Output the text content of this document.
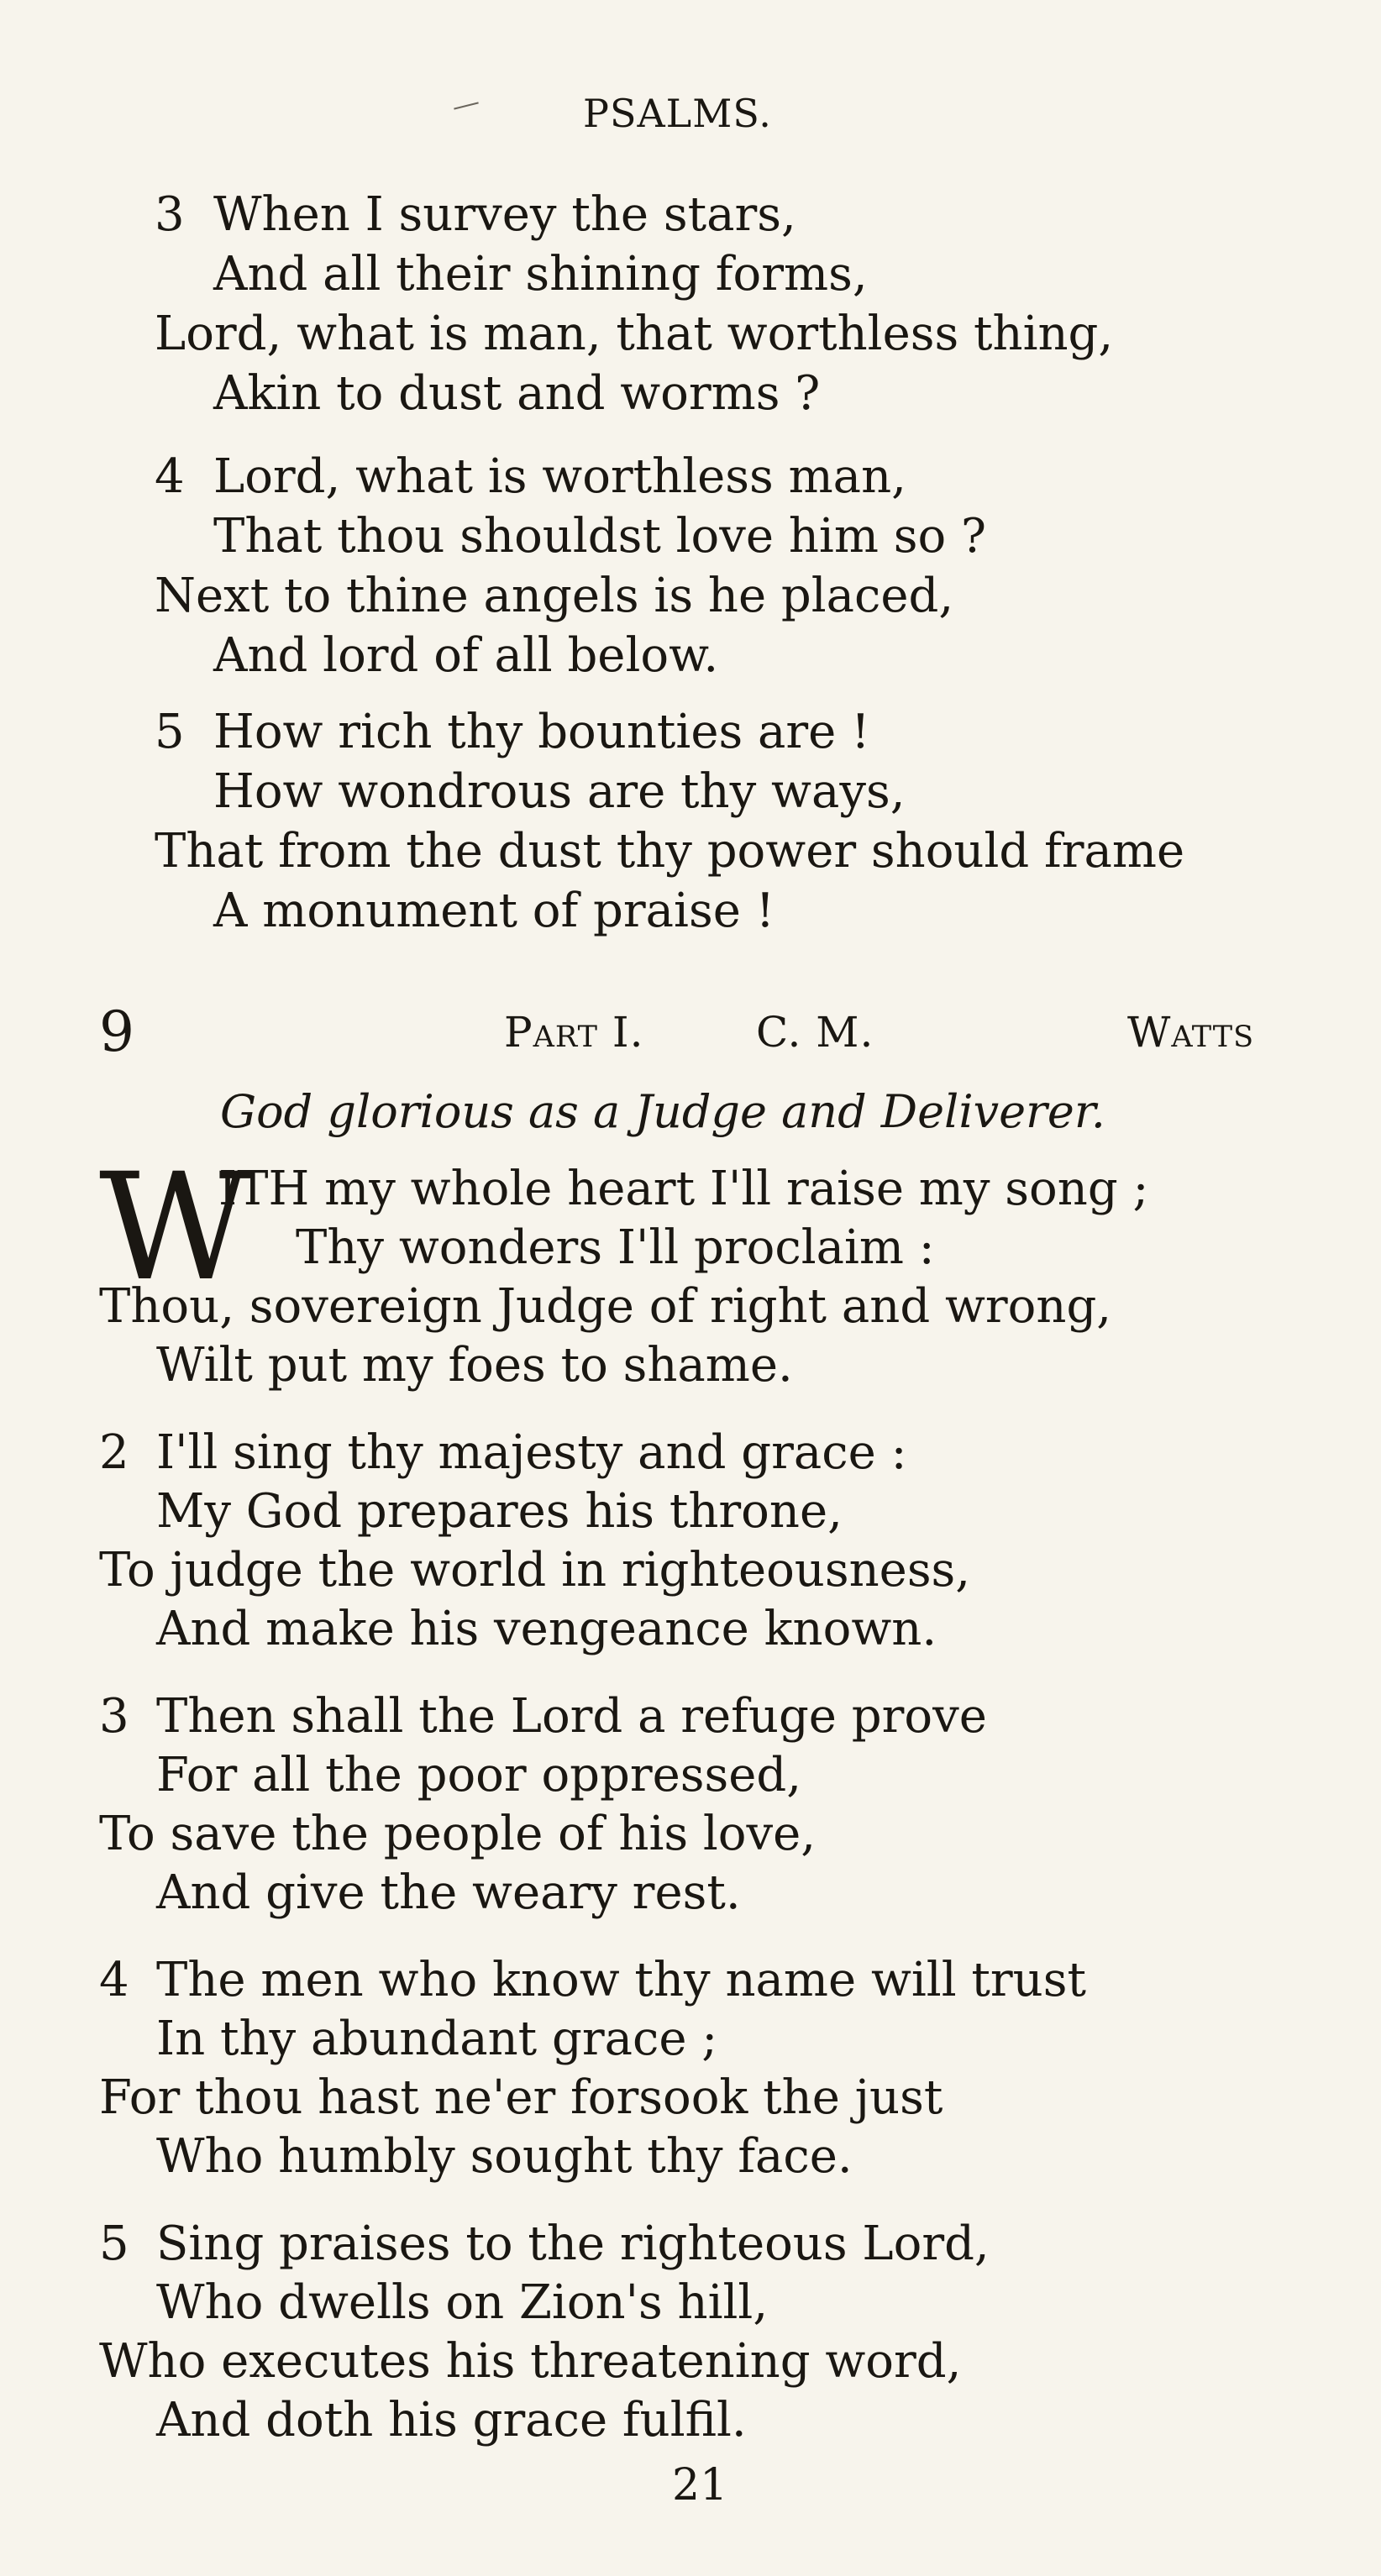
PSALMS.
3 When I survey the stars,
And all their shining forms,
Lord, what is man, that worthless thing,
Akin to dust and worms ?
4 Lord, what is worthless man,
That thou shouldst love him so ?
Next to thine angels is he placed,
And lord of all below.
5 How rich thy bounties are !
How wondrous are thy ways,
That from the dust thy power should frame
A monument of praise !
9	Part I.	C. M.	Watts
God glorious as a Judge and Deliverer.
W
ITH my whole heart I'll raise my song ;
Thy wonders I'll proclaim :
Thou, sovereign Judge of right and wrong,
Wilt put my foes to shame.
2 I'll sing thy majesty and grace :
My God prepares his throne,
To judge the world in righteousness,
And make his vengeance known.
3 Then shall the Lord a refuge prove
For all the poor oppressed,
To save the people of his love,
And give the weary rest.
4 The men who know thy name will trust
In thy abundant grace ;
For thou hast ne'er forsook the just
Who humbly sought thy face.
5 Sing praises to the righteous Lord,
Who dwells on Zion's hill,
Who executes his threatening word,
And doth his grace fulfil.
21
